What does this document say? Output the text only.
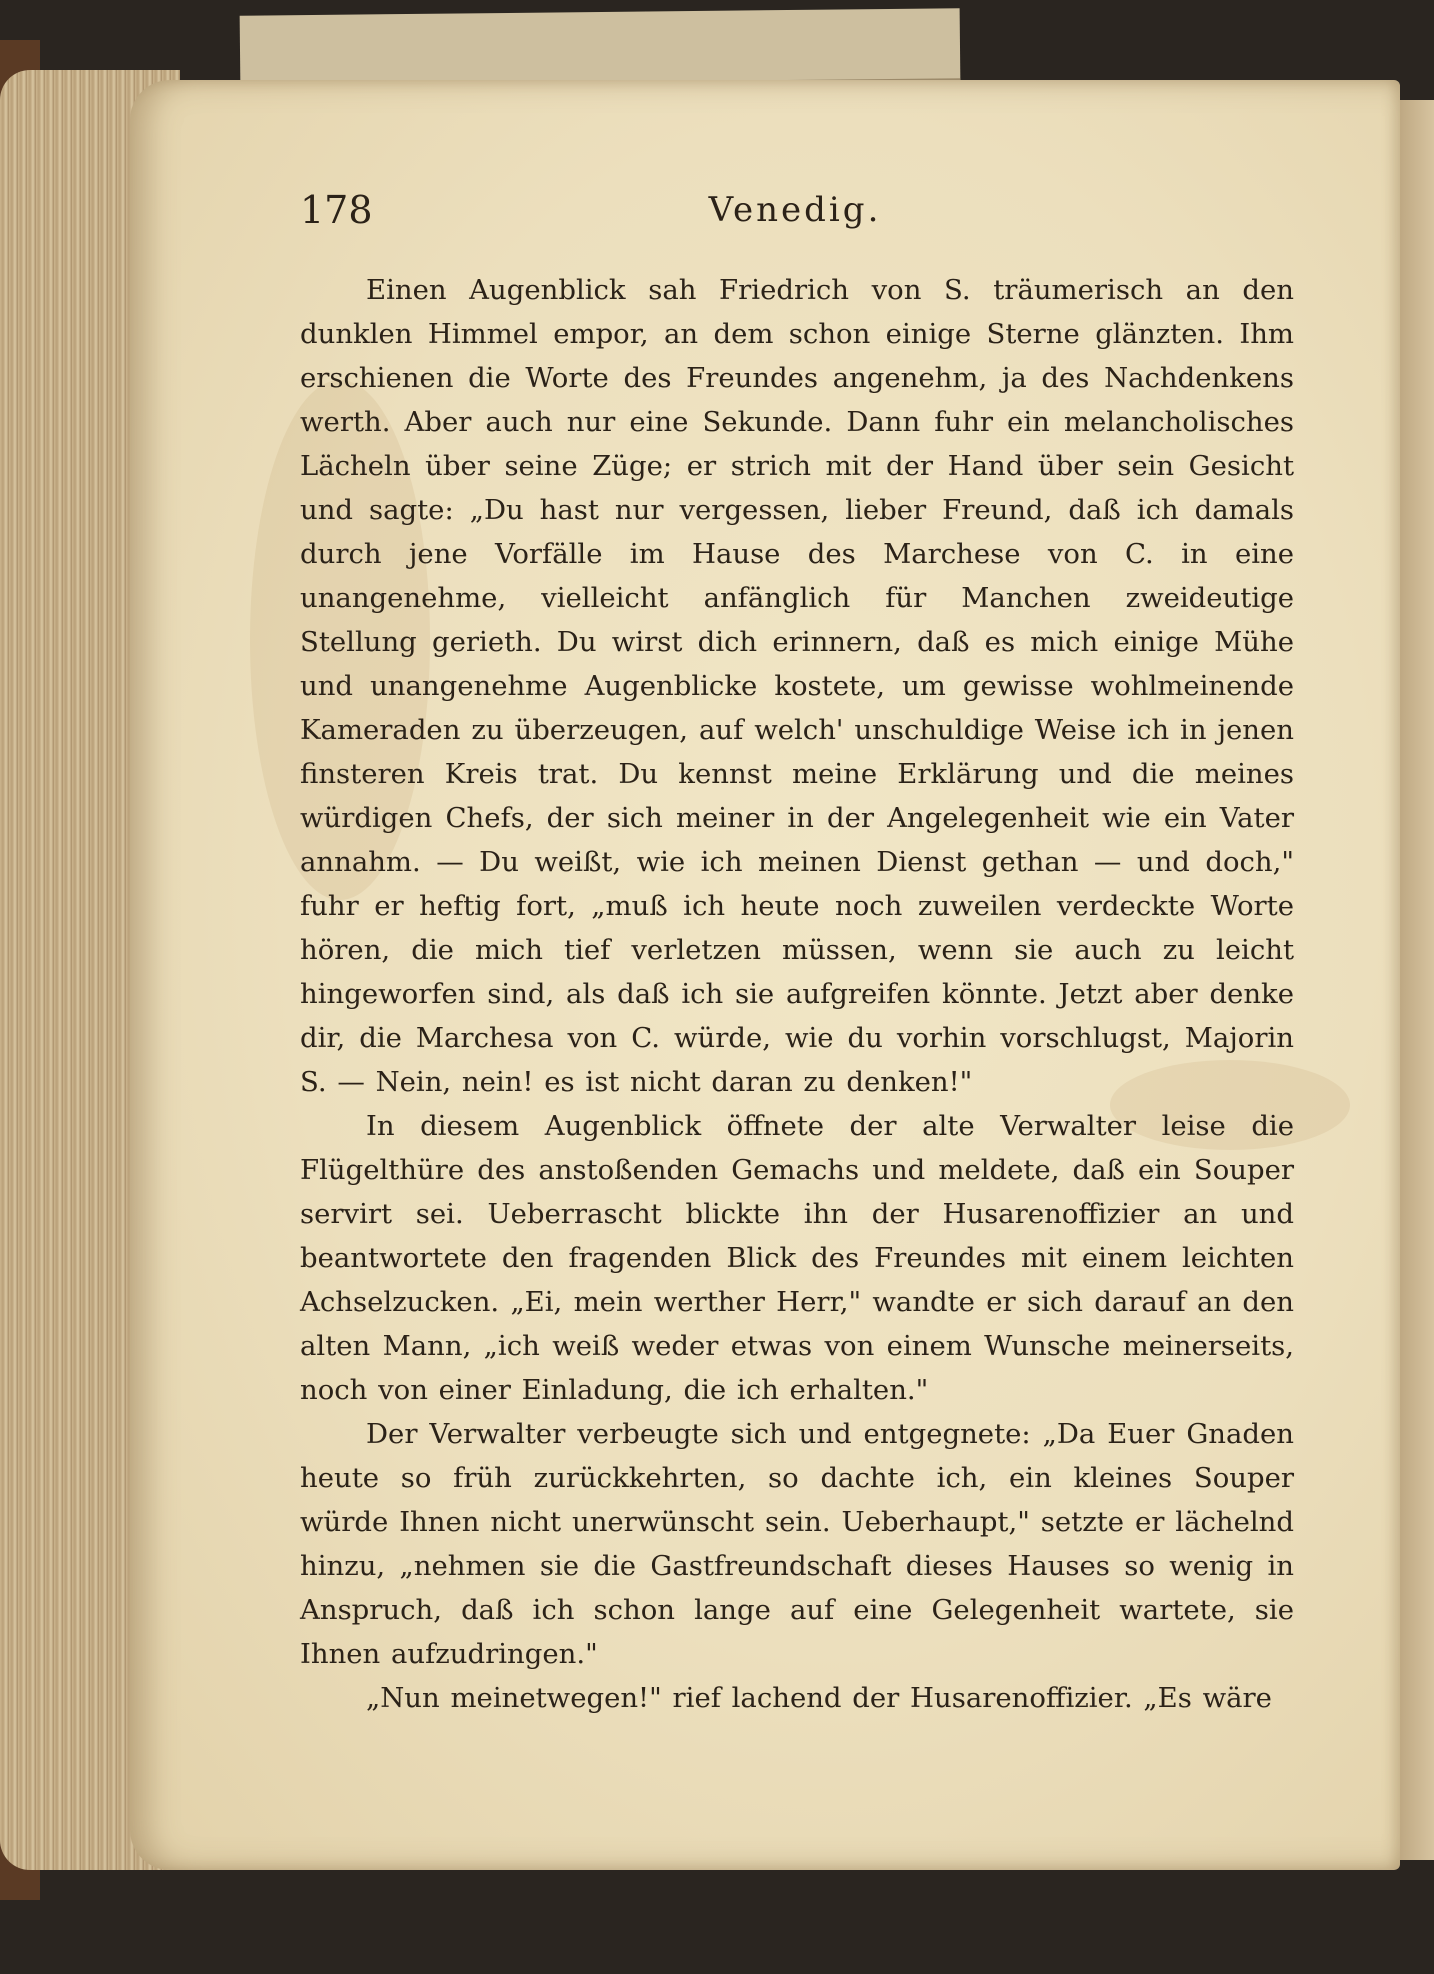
178	Venedig.

Einen Augenblick sah Friedrich von S. träumerisch an den dunklen Himmel empor, an dem schon einige Sterne glänzten. Ihm erschienen die Worte des Freundes angenehm, ja des Nachdenkens werth. Aber auch nur eine Sekunde. Dann fuhr ein melancholisches Lächeln über seine Züge; er strich mit der Hand über sein Gesicht und sagte: „Du hast nur vergessen, lieber Freund, daß ich damals durch jene Vorfälle im Hause des Marchese von C. in eine unangenehme, vielleicht anfänglich für Manchen zweideutige Stellung gerieth. Du wirst dich erinnern, daß es mich einige Mühe und unangenehme Augenblicke kostete, um gewisse wohlmeinende Kameraden zu überzeugen, auf welch' unschuldige Weise ich in jenen finsteren Kreis trat. Du kennst meine Erklärung und die meines würdigen Chefs, der sich meiner in der Angelegenheit wie ein Vater annahm. — Du weißt, wie ich meinen Dienst gethan — und doch," fuhr er heftig fort, „muß ich heute noch zuweilen verdeckte Worte hören, die mich tief verletzen müssen, wenn sie auch zu leicht hingeworfen sind, als daß ich sie aufgreifen könnte. Jetzt aber denke dir, die Marchesa von C. würde, wie du vorhin vorschlugst, Majorin S. — Nein, nein! es ist nicht daran zu denken!"

In diesem Augenblick öffnete der alte Verwalter leise die Flügelthüre des anstoßenden Gemachs und meldete, daß ein Souper servirt sei. Ueberrascht blickte ihn der Husarenoffizier an und beantwortete den fragenden Blick des Freundes mit einem leichten Achselzucken. „Ei, mein werther Herr," wandte er sich darauf an den alten Mann, „ich weiß weder etwas von einem Wunsche meinerseits, noch von einer Einladung, die ich erhalten."

Der Verwalter verbeugte sich und entgegnete: „Da Euer Gnaden heute so früh zurückkehrten, so dachte ich, ein kleines Souper würde Ihnen nicht unerwünscht sein. Ueberhaupt," setzte er lächelnd hinzu, „nehmen sie die Gastfreundschaft dieses Hauses so wenig in Anspruch, daß ich schon lange auf eine Gelegenheit wartete, sie Ihnen aufzudringen."

„Nun meinetwegen!" rief lachend der Husarenoffizier. „Es wäre
